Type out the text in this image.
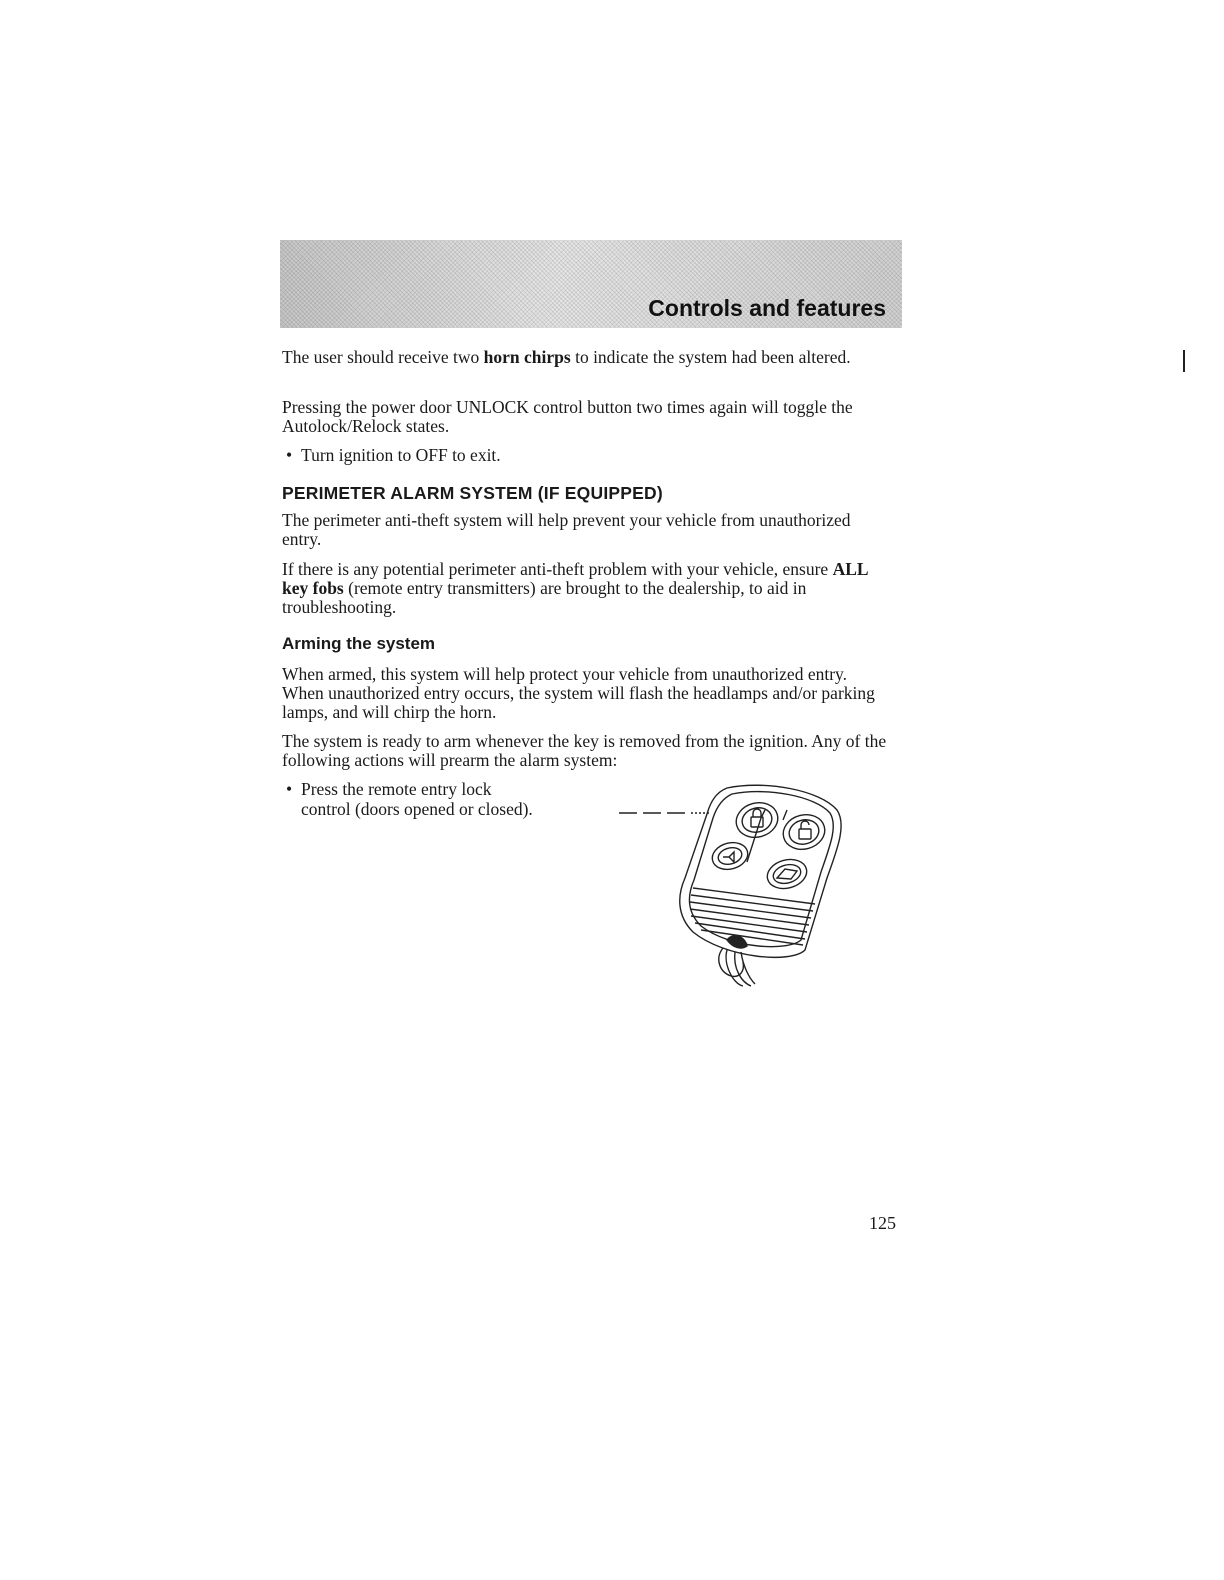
Controls and features

The user should receive two horn chirps to indicate the system had been altered.

Pressing the power door UNLOCK control button two times again will toggle the Autolock/Relock states.

• Turn ignition to OFF to exit.

PERIMETER ALARM SYSTEM (IF EQUIPPED)

The perimeter anti-theft system will help prevent your vehicle from unauthorized entry.

If there is any potential perimeter anti-theft problem with your vehicle, ensure ALL key fobs (remote entry transmitters) are brought to the dealership, to aid in troubleshooting.

Arming the system

When armed, this system will help protect your vehicle from unauthorized entry. When unauthorized entry occurs, the system will flash the headlamps and/or parking lamps, and will chirp the horn.

The system is ready to arm whenever the key is removed from the ignition. Any of the following actions will prearm the alarm system:

• Press the remote entry lock
control (doors opened or closed).

125
